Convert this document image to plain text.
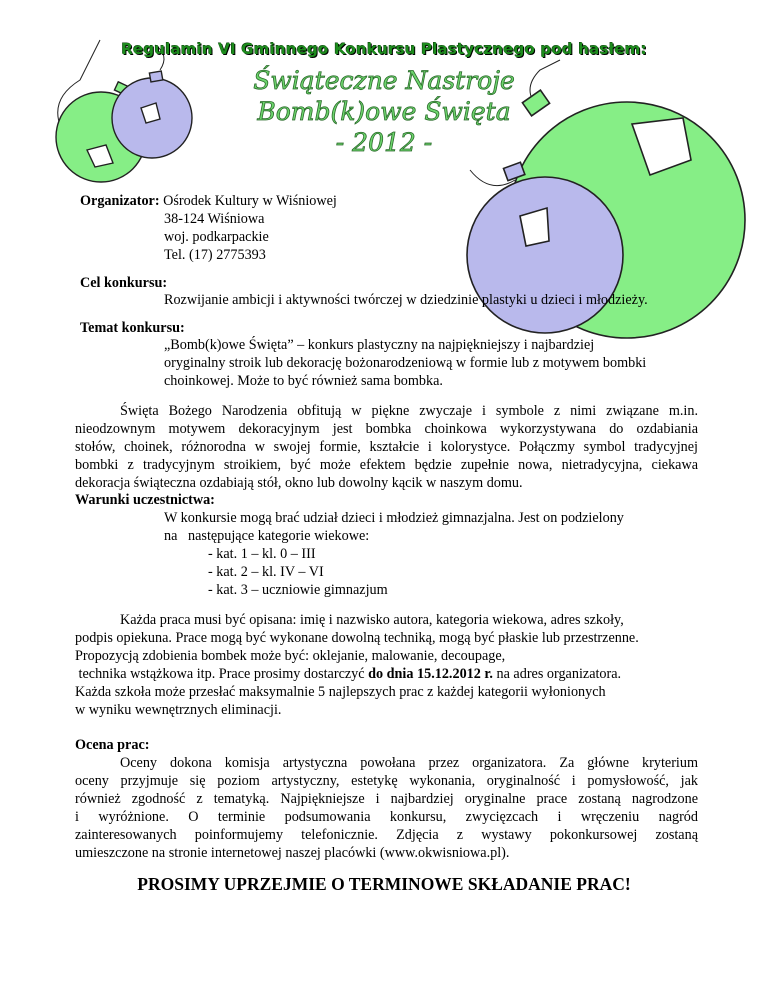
Regulamin VI Gminnego Konkursu Plastycznego pod hasłem:
Świąteczne Nastroje
Bomb(k)owe Święta
- 2012 -
Organizator: Ośrodek Kultury w Wiśniowej
38-124 Wiśniowa
woj. podkarpackie
Tel. (17) 2775393
Cel konkursu:
Rozwijanie ambicji i aktywności twórczej w dziedzinie plastyki u dzieci i młodzieży.
Temat konkursu:
„Bomb(k)owe Święta” – konkurs plastyczny na najpiękniejszy i najbardziej
oryginalny stroik lub dekorację bożonarodzeniową w formie lub z motywem bombki
choinkowej. Może to być również sama bombka.
Święta Bożego Narodzenia obfitują w piękne zwyczaje i symbole z nimi związane m.in.
nieodzownym motywem dekoracyjnym jest bombka choinkowa wykorzystywana do ozdabiania
stołów, choinek, różnorodna w swojej formie, kształcie i kolorystyce. Połączmy symbol tradycyjnej
bombki z tradycyjnym stroikiem, być może efektem będzie zupełnie nowa, nietradycyjna, ciekawa
dekoracja świąteczna ozdabiają stół, okno lub dowolny kącik w naszym domu.
Warunki uczestnictwa:
W konkursie mogą brać udział dzieci i młodzież gimnazjalna. Jest on podzielony
na   następujące kategorie wiekowe:
- kat. 1 – kl. 0 – III
- kat. 2 – kl. IV – VI
- kat. 3 – uczniowie gimnazjum
Każda praca musi być opisana: imię i nazwisko autora, kategoria wiekowa, adres szkoły,
podpis opiekuna. Prace mogą być wykonane dowolną techniką, mogą być płaskie lub przestrzenne.
Propozycją zdobienia bombek może być: oklejanie, malowanie, decoupage,
technika wstążkowa itp. Prace prosimy dostarczyć do dnia 15.12.2012 r. na adres organizatora.
Każda szkoła może przesłać maksymalnie 5 najlepszych prac z każdej kategorii wyłonionych
w wyniku wewnętrznych eliminacji.
Ocena prac:
Oceny dokona komisja artystyczna powołana przez organizatora. Za główne kryterium
oceny przyjmuje się poziom artystyczny, estetykę wykonania, oryginalność i pomysłowość, jak
również zgodność z tematyką. Najpiękniejsze i najbardziej oryginalne prace zostaną nagrodzone
i wyróżnione. O terminie podsumowania konkursu, zwycięzcach i wręczeniu nagród
zainteresowanych poinformujemy telefonicznie. Zdjęcia z wystawy pokonkursowej zostaną
umieszczone na stronie internetowej naszej placówki (www.okwisniowa.pl).
PROSIMY UPRZEJMIE O TERMINOWE SKŁADANIE PRAC!
